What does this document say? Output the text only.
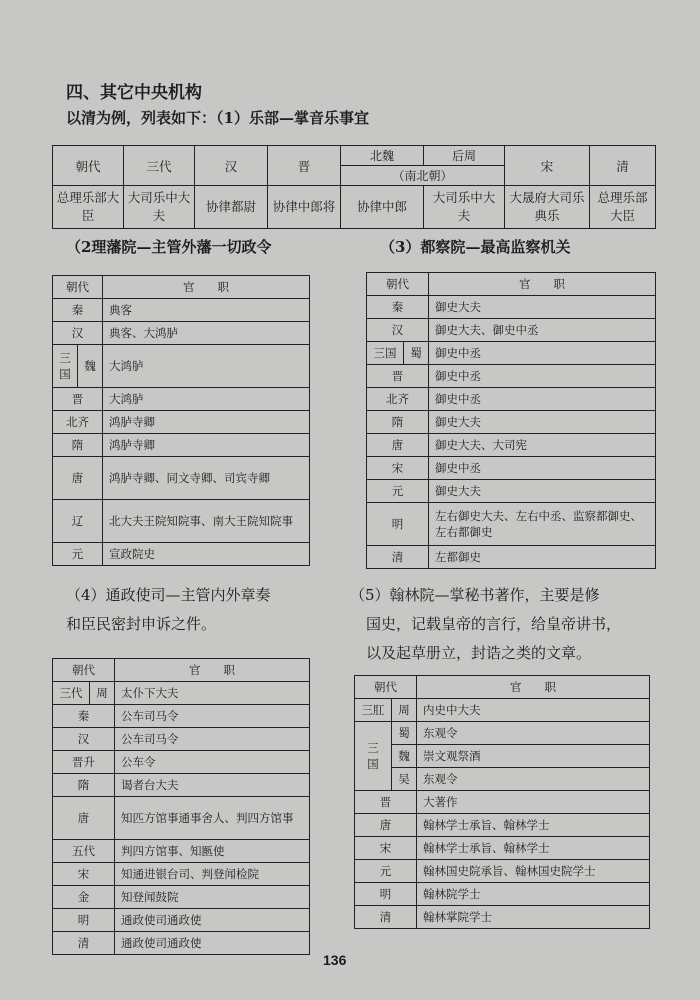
四、其它中央机构
以清为例，列表如下：（1）乐部—掌音乐事宜
朝代	三代	汉	晋	北魏	后周	宋	清
				（南北朝）			
总理乐部大臣	大司乐中大夫	协律都尉	协律中郎将	协律中郎	大司乐中大夫	大晟府大司乐典乐	总理乐部大臣
（2理藩院—主管外藩一切政令
朝代		官　　职
秦		典客
汉		典客、大鸿胪
三
国	魏	大鸿胪
晋		大鸿胪
北齐		鸿胪寺卿
隋		鸿胪寺卿
唐		鸿胪寺卿、同文寺卿、司宾寺卿
辽		北大夫王院知院事、南大王院知院事
元		宣政院史
（3）都察院—最高监察机关
朝代		官　　职
秦		御史大夫
汉		御史大夫、御史中丞
三国	蜀	御史中丞
晋		御史中丞
北齐		御史中丞
隋		御史大夫
唐		御史大夫、大司宪
宋		御史中丞
元		御史大夫
明		左右御史大夫、左右中丞、监察都御史、左右都御史
清		左都御史
（4）通政使司—主管内外章奏
和臣民密封申诉之件。
朝代		官　　职
三代	周	太仆下大夫
秦		公车司马令
汉		公车司马令
晋升		公车令
隋		谒者台大夫
唐		知匹方馆事通事舍人、判四方馆事
五代		判四方馆事、知匦使
宋		知通进银台司、判登闻检院
金		知登闻鼓院
明		通政使司通政使
清		通政使司通政使
（5）翰林院—掌秘书著作，主要是修
国史，记载皇帝的言行，给皇帝讲书，
以及起草册立，封诰之类的文章。
朝代		官　　职
三肛	周	内史中大夫
三
国	蜀	东观令
	魏	崇文观祭酒
	吴	东观令
晋		大著作
唐		翰林学士承旨、翰林学士
宋		翰林学士承旨、翰林学士
元		翰林国史院承旨、翰林国史院学士
明		翰林院学士
清		翰林掌院学士
136
